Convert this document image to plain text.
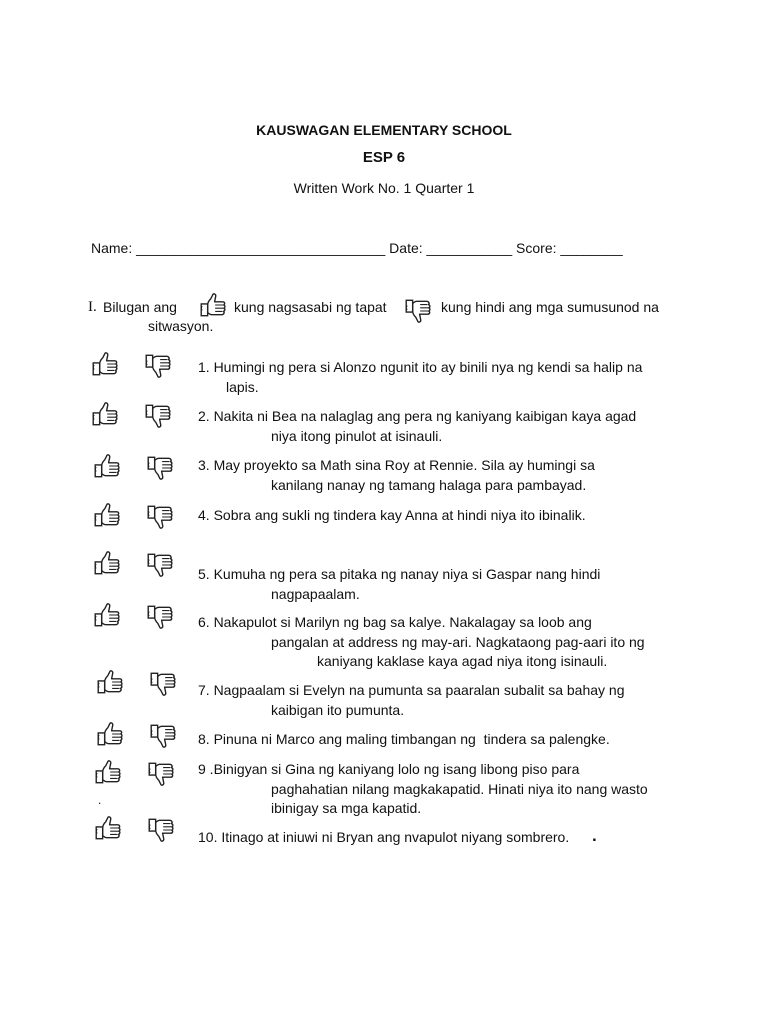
KAUSWAGAN ELEMENTARY SCHOOL
ESP 6
Written Work No. 1 Quarter 1
Name: ________________________________ Date: ___________ Score: ________
I. Bilugan ang	kung nagsasabi ng tapat	kung hindi ang mga sumusunod na
sitwasyon.
1. Humingi ng pera si Alonzo ngunit ito ay binili nya ng kendi sa halip na
lapis.
2. Nakita ni Bea na nalaglag ang pera ng kaniyang kaibigan kaya agad
niya itong pinulot at isinauli.
3. May proyekto sa Math sina Roy at Rennie. Sila ay humingi sa
kanilang nanay ng tamang halaga para pambayad.
4. Sobra ang sukli ng tindera kay Anna at hindi niya ito ibinalik.
5. Kumuha ng pera sa pitaka ng nanay niya si Gaspar nang hindi
nagpapaalam.
6. Nakapulot si Marilyn ng bag sa kalye. Nakalagay sa loob ang
pangalan at address ng may-ari. Nagkataong pag-aari ito ng
kaniyang kaklase kaya agad niya itong isinauli.
7. Nagpaalam si Evelyn na pumunta sa paaralan subalit sa bahay ng
kaibigan ito pumunta.
8. Pinuna ni Marco ang maling timbangan ng  tindera sa palengke.
9 .Binigyan si Gina ng kaniyang lolo ng isang libong piso para
paghahatian nilang magkakapatid. Hinati niya ito nang wasto
ibinigay sa mga kapatid.
10. Itinago at iniuwi ni Bryan ang nvapulot niyang sombrero. .
.
